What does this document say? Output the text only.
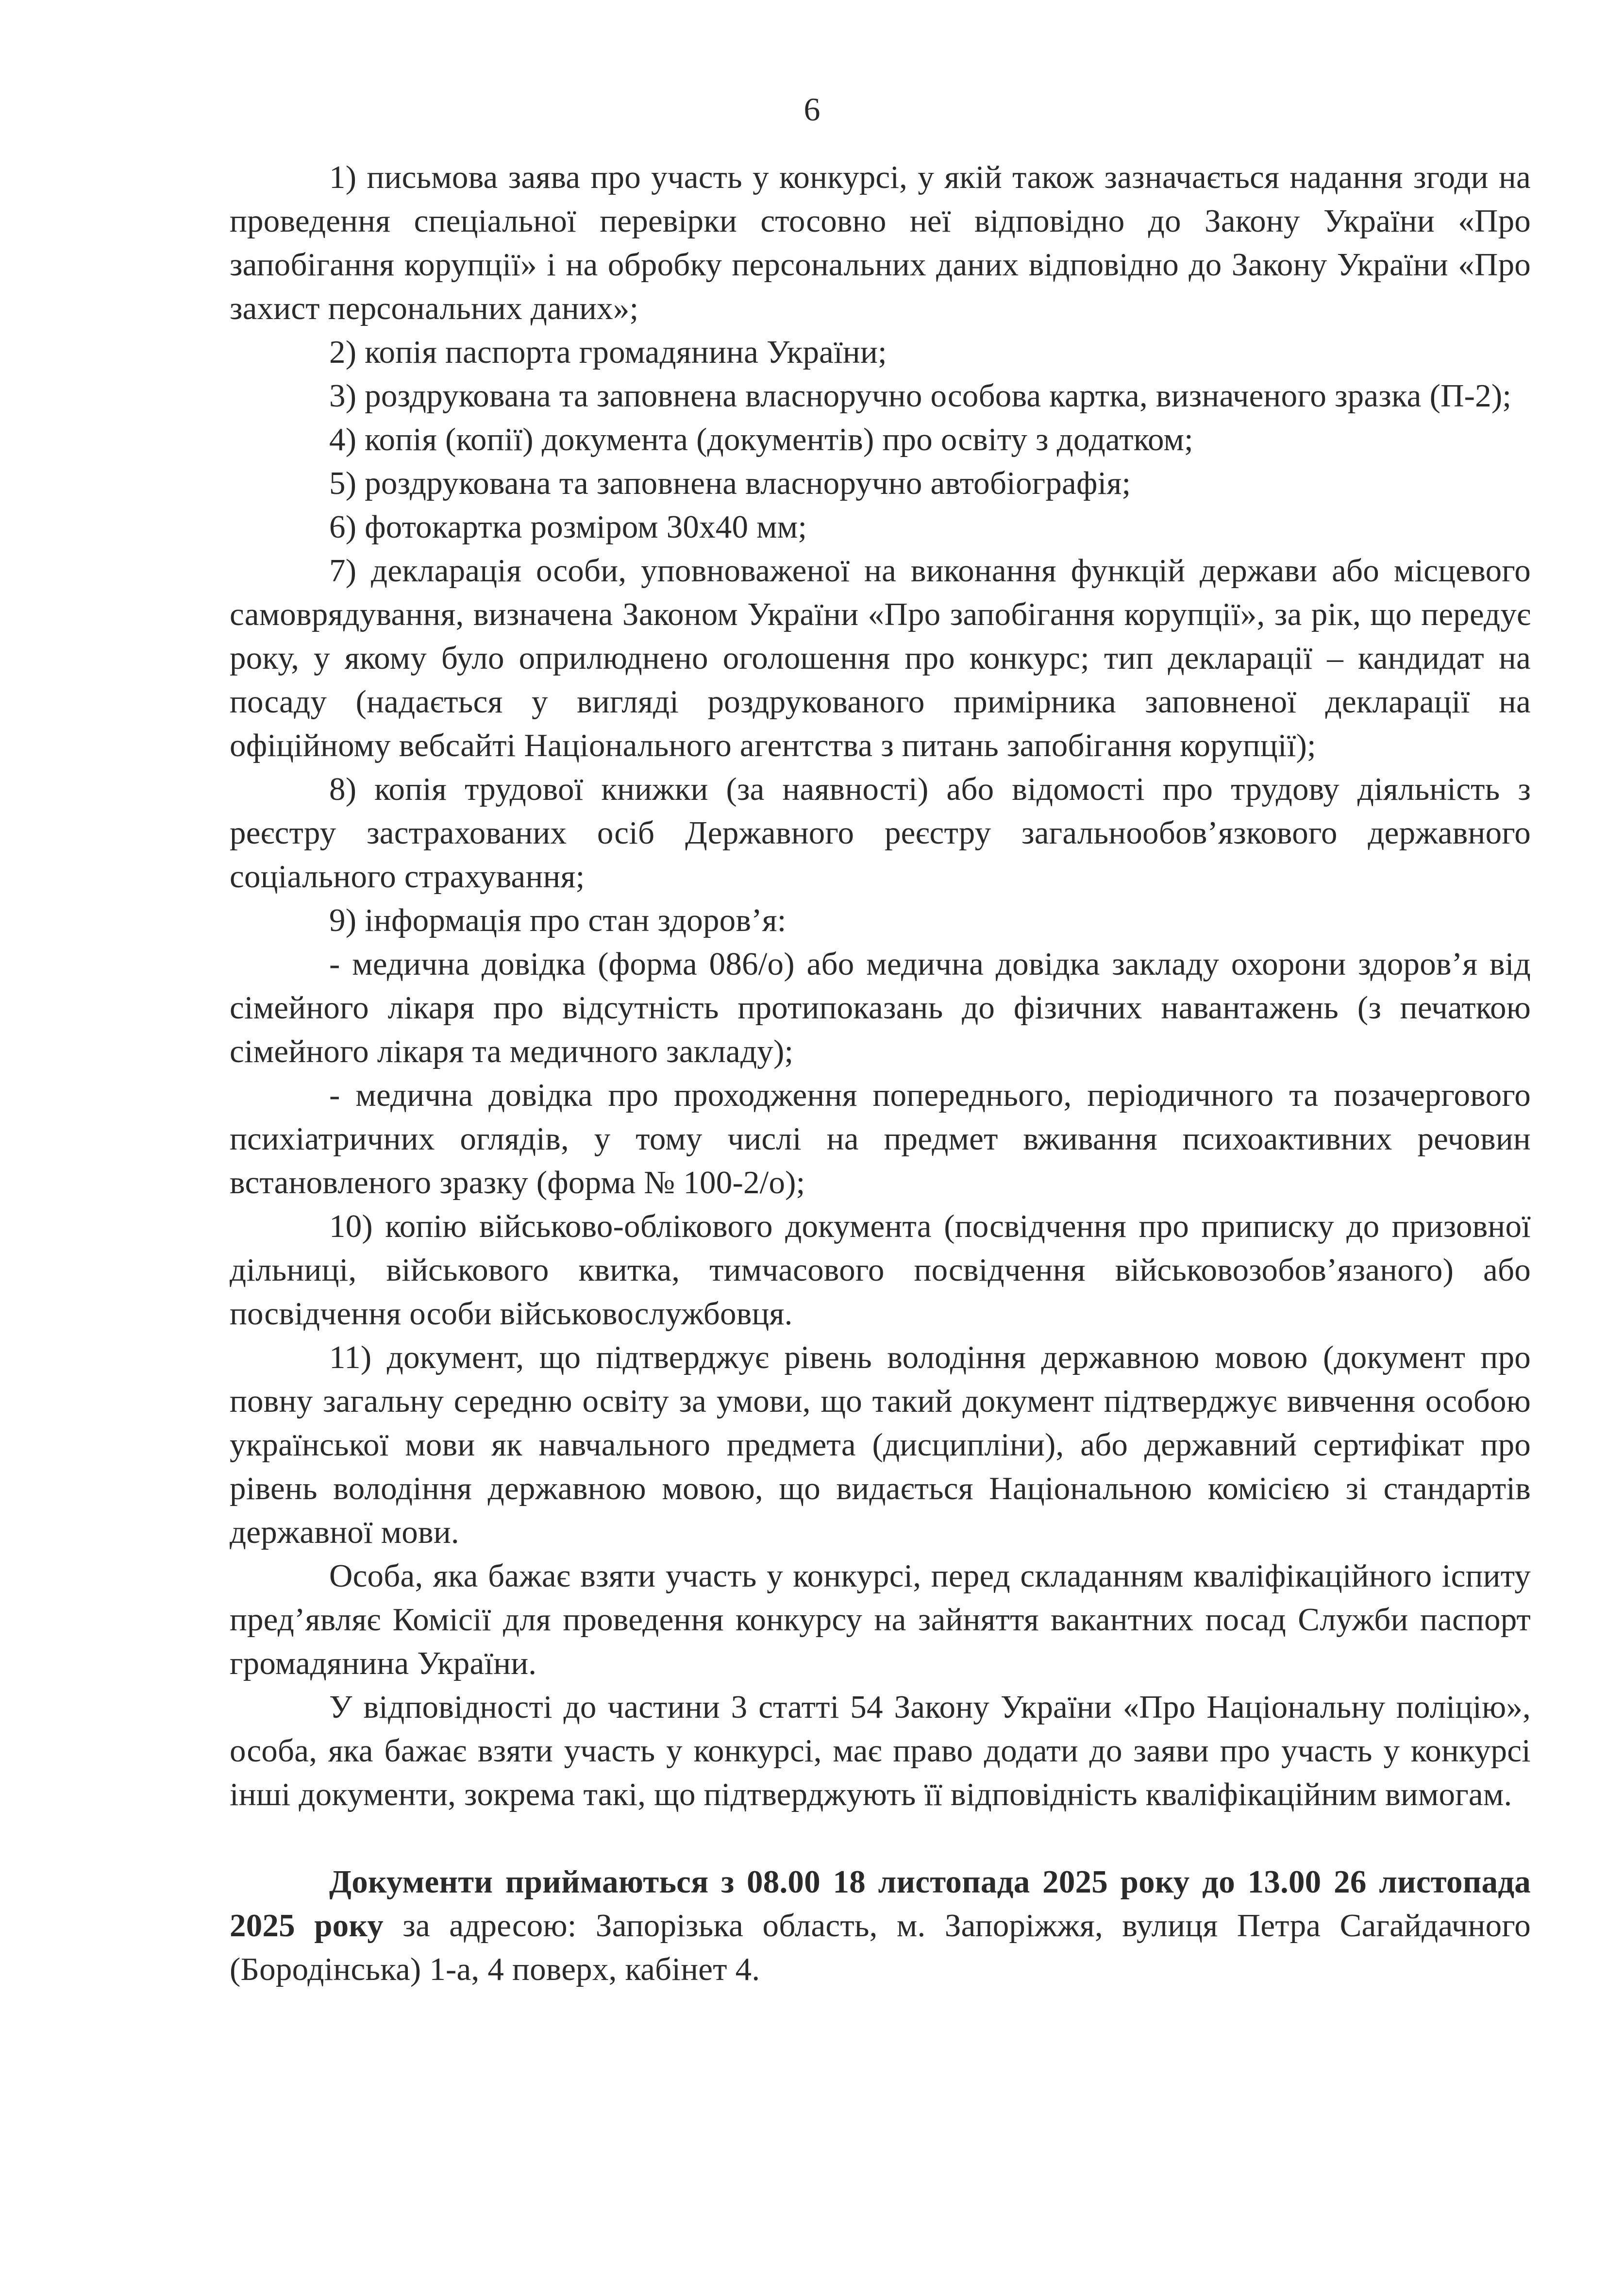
6

1) письмова заява про участь у конкурсі, у якій також зазначається надання згоди на проведення спеціальної перевірки стосовно неї відповідно до Закону України «Про запобігання корупції» і на обробку персональних даних відповідно до Закону України «Про захист персональних даних»;

2) копія паспорта громадянина України;

3) роздрукована та заповнена власноручно особова картка, визначеного зразка (П-2);

4) копія (копії) документа (документів) про освіту з додатком;

5) роздрукована та заповнена власноручно автобіографія;

6) фотокартка розміром 30х40 мм;

7) декларація особи, уповноваженої на виконання функцій держави або місцевого самоврядування, визначена Законом України «Про запобігання корупції», за рік, що передує року, у якому було оприлюднено оголошення про конкурс; тип декларації – кандидат на посаду (надається у вигляді роздрукованого примірника заповненої декларації на офіційному вебсайті Національного агентства з питань запобігання корупції);

8) копія трудової книжки (за наявності) або відомості про трудову діяльність з реєстру застрахованих осіб Державного реєстру загальнообов’язкового державного соціального страхування;

9) інформація про стан здоров’я:

- медична довідка (форма 086/о) або медична довідка закладу охорони здоров’я від сімейного лікаря про відсутність протипоказань до фізичних навантажень (з печаткою сімейного лікаря та медичного закладу);

- медична довідка про проходження попереднього, періодичного та позачергового психіатричних оглядів, у тому числі на предмет вживання психоактивних речовин встановленого зразку (форма № 100-2/о);

10) копію військово-облікового документа (посвідчення про приписку до призовної дільниці, військового квитка, тимчасового посвідчення військовозобов’язаного) або посвідчення особи військовослужбовця.

11) документ, що підтверджує рівень володіння державною мовою (документ про повну загальну середню освіту за умови, що такий документ підтверджує вивчення особою української мови як навчального предмета (дисципліни), або державний сертифікат про рівень володіння державною мовою, що видається Національною комісією зі стандартів державної мови.

Особа, яка бажає взяти участь у конкурсі, перед складанням кваліфікаційного іспиту пред’являє Комісії для проведення конкурсу на зайняття вакантних посад Служби паспорт громадянина України.

У відповідності до частини 3 статті 54 Закону України «Про Національну поліцію», особа, яка бажає взяти участь у конкурсі, має право додати до заяви про участь у конкурсі інші документи, зокрема такі, що підтверджують її відповідність кваліфікаційним вимогам.

Документи приймаються з 08.00 18 листопада 2025 року до 13.00 26 листопада 2025 року за адресою: Запорізька область, м. Запоріжжя, вулиця Петра Сагайдачного (Бородінська) 1-а, 4 поверх, кабінет 4.
